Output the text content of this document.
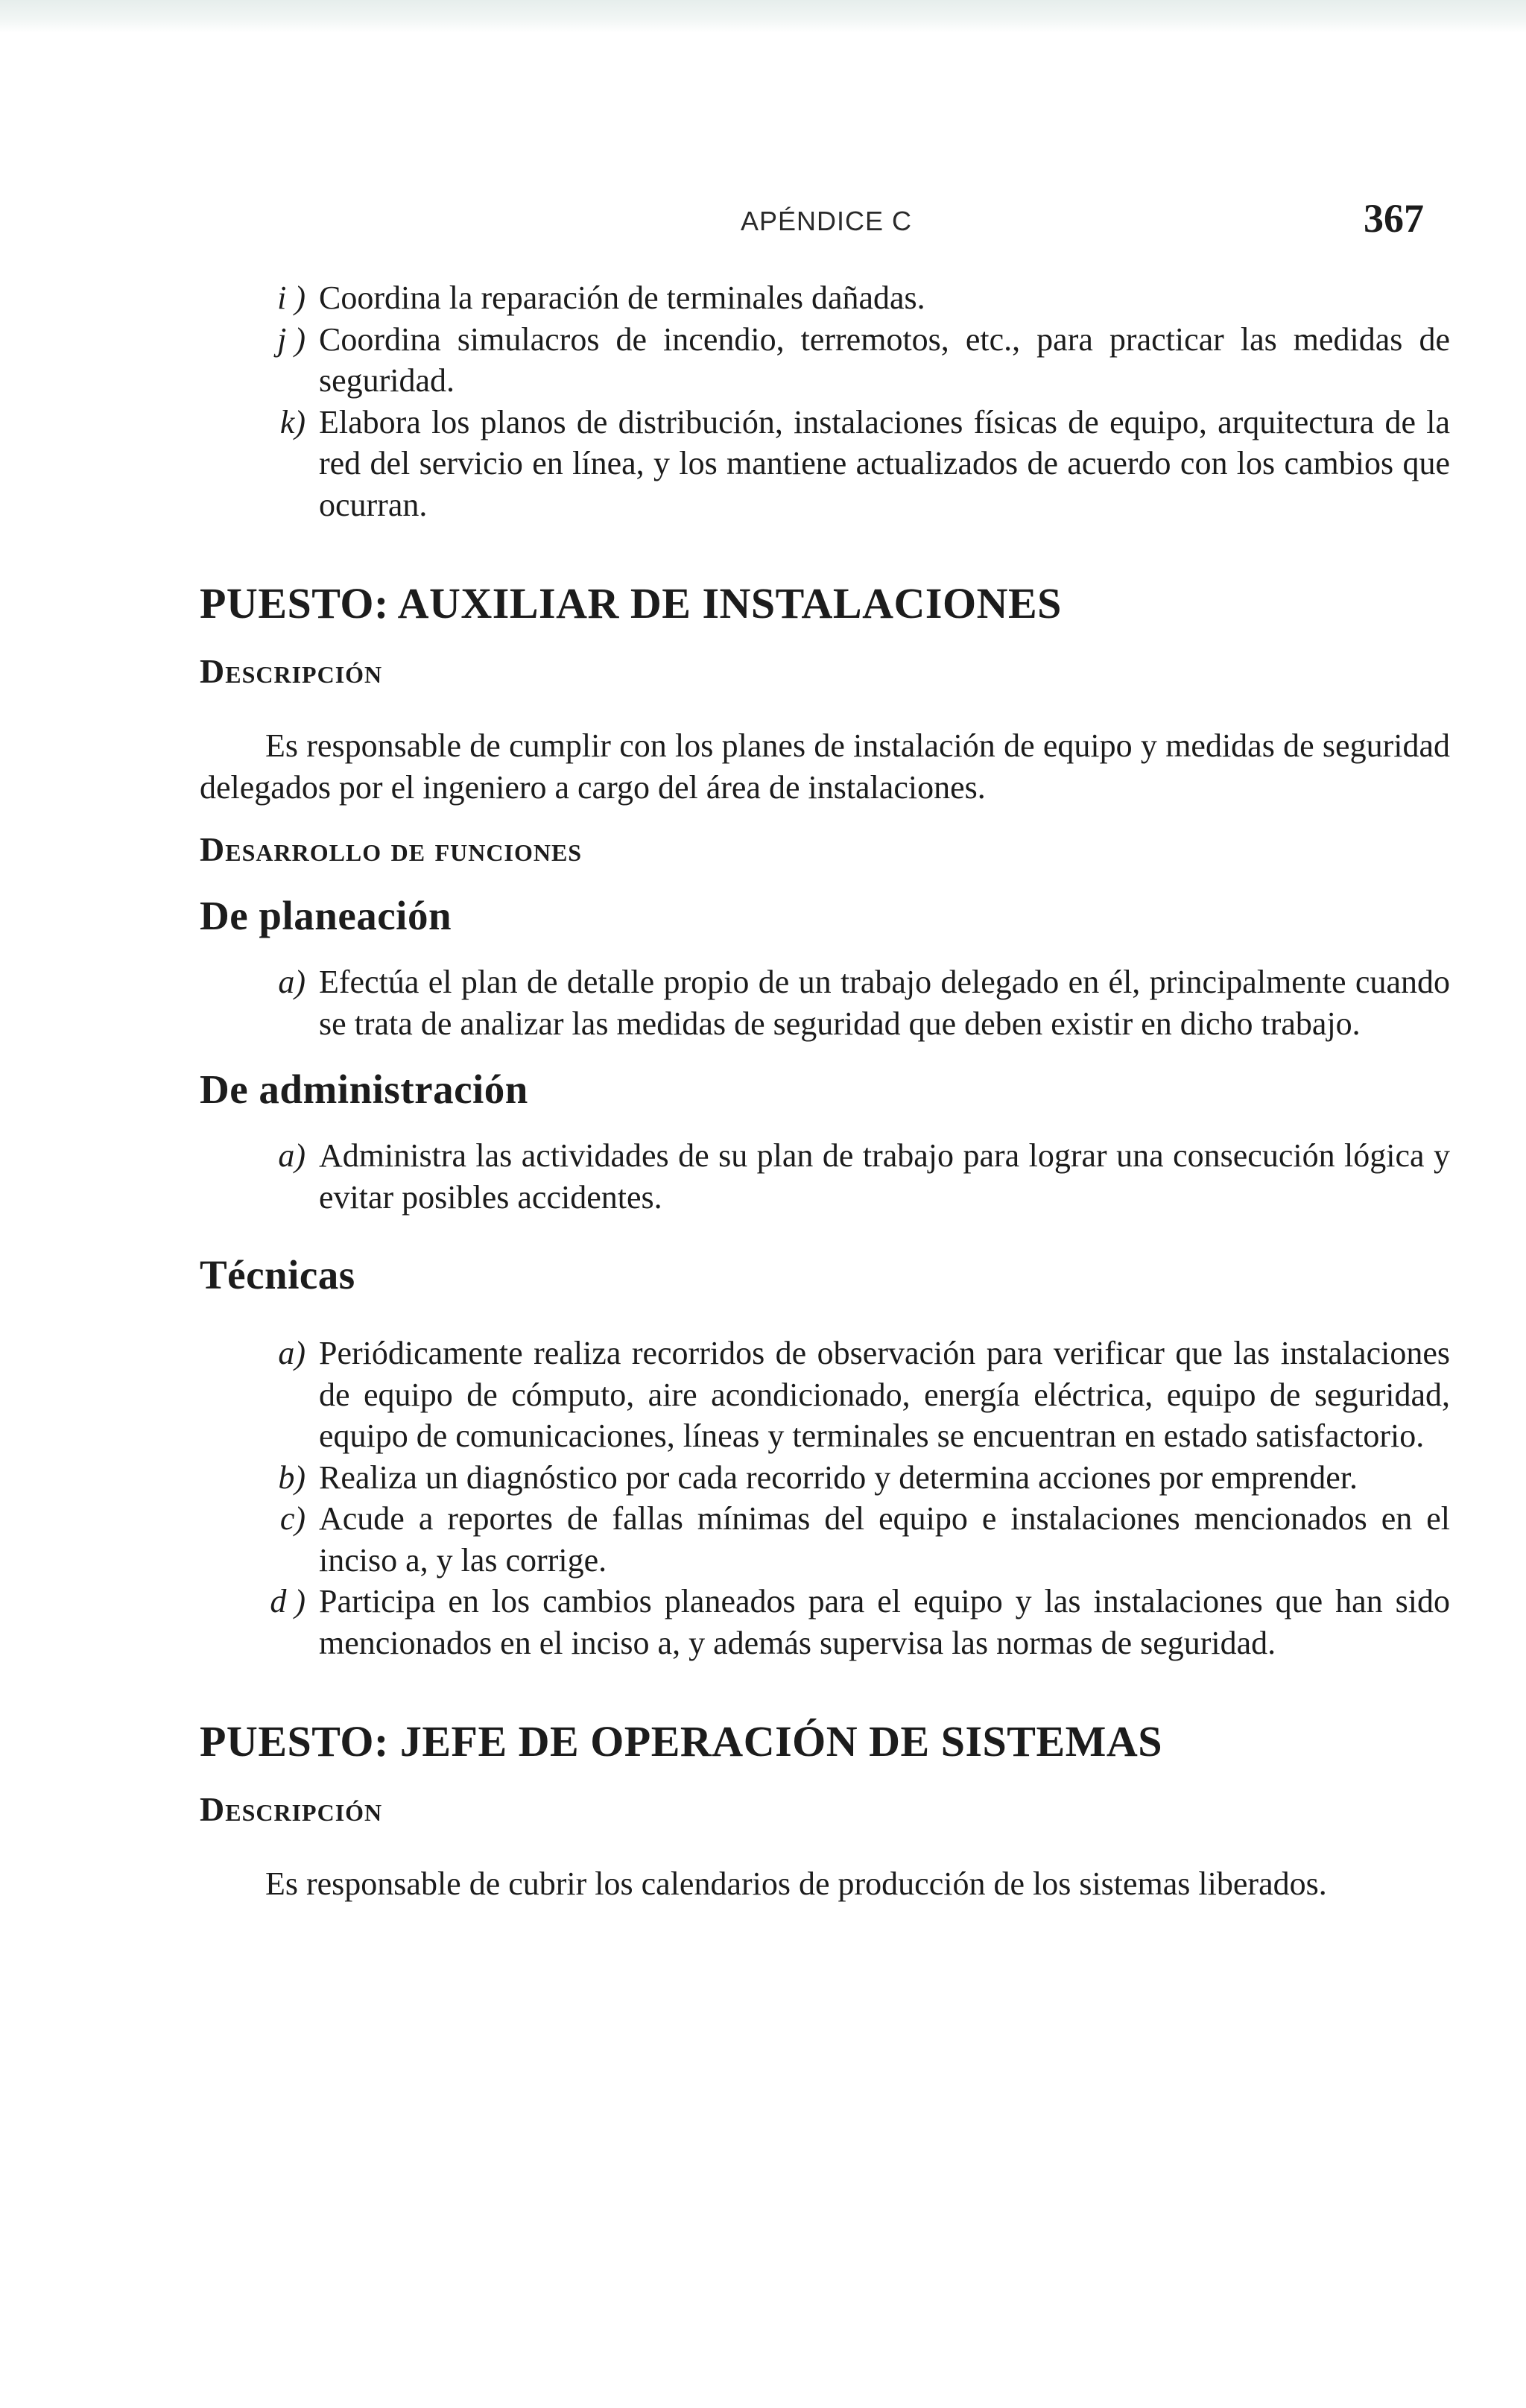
APÉNDICE C	367
i ) Coordina la reparación de terminales dañadas.
j ) Coordina simulacros de incendio, terremotos, etc., para practicar las medidas de seguridad.
k) Elabora los planos de distribución, instalaciones físicas de equipo, arquitectura de la red del servicio en línea, y los mantiene actualizados de acuerdo con los cambios que ocurran.
PUESTO: AUXILIAR DE INSTALACIONES
Descripción

Es responsable de cumplir con los planes de instalación de equipo y medidas de seguridad delegados por el ingeniero a cargo del área de instalaciones.

Desarrollo de funciones
De planeación
a) Efectúa el plan de detalle propio de un trabajo delegado en él, principalmente cuando se trata de analizar las medidas de seguridad que deben existir en dicho trabajo.
De administración
a) Administra las actividades de su plan de trabajo para lograr una consecución lógica y evitar posibles accidentes.
Técnicas
a) Periódicamente realiza recorridos de observación para verificar que las instalaciones de equipo de cómputo, aire acondicionado, energía eléctrica, equipo de seguridad, equipo de comunicaciones, líneas y terminales se encuentran en estado satisfactorio.
b) Realiza un diagnóstico por cada recorrido y determina acciones por emprender.
c) Acude a reportes de fallas mínimas del equipo e instalaciones mencionados en el inciso a, y las corrige.
d ) Participa en los cambios planeados para el equipo y las instalaciones que han sido mencionados en el inciso a, y además supervisa las normas de seguridad.
PUESTO: JEFE DE OPERACIÓN DE SISTEMAS
Descripción

Es responsable de cubrir los calendarios de producción de los sistemas liberados.
